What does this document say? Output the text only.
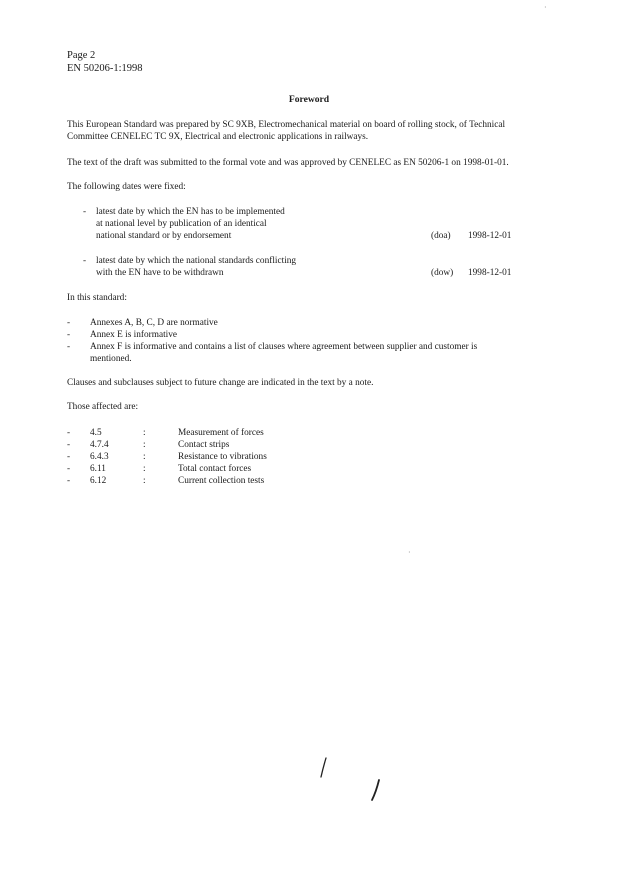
Page 2
EN 50206-1:1998
Foreword
This European Standard was prepared by SC 9XB, Electromechanical material on board of rolling stock, of Technical
Committee CENELEC TC 9X, Electrical and electronic applications in railways.
The text of the draft was submitted to the formal vote and was approved by CENELEC as EN 50206-1 on 1998-01-01.
The following dates were fixed:
- latest date by which the EN has to be implemented
at national level by publication of an identical
national standard or by endorsement	(doa) 1998-12-01
- latest date by which the national standards conflicting
with the EN have to be withdrawn	(dow) 1998-12-01
In this standard:
- Annexes A, B, C, D are normative
- Annex E is informative
- Annex F is informative and contains a list of clauses where agreement between supplier and customer is
mentioned.
Clauses and subclauses subject to future change are indicated in the text by a note.
Those affected are:
- 4.5	:	Measurement of forces
- 4.7.4	:	Contact strips
- 6.4.3	:	Resistance to vibrations
- 6.11	:	Total contact forces
- 6.12	:	Current collection tests
·
·
